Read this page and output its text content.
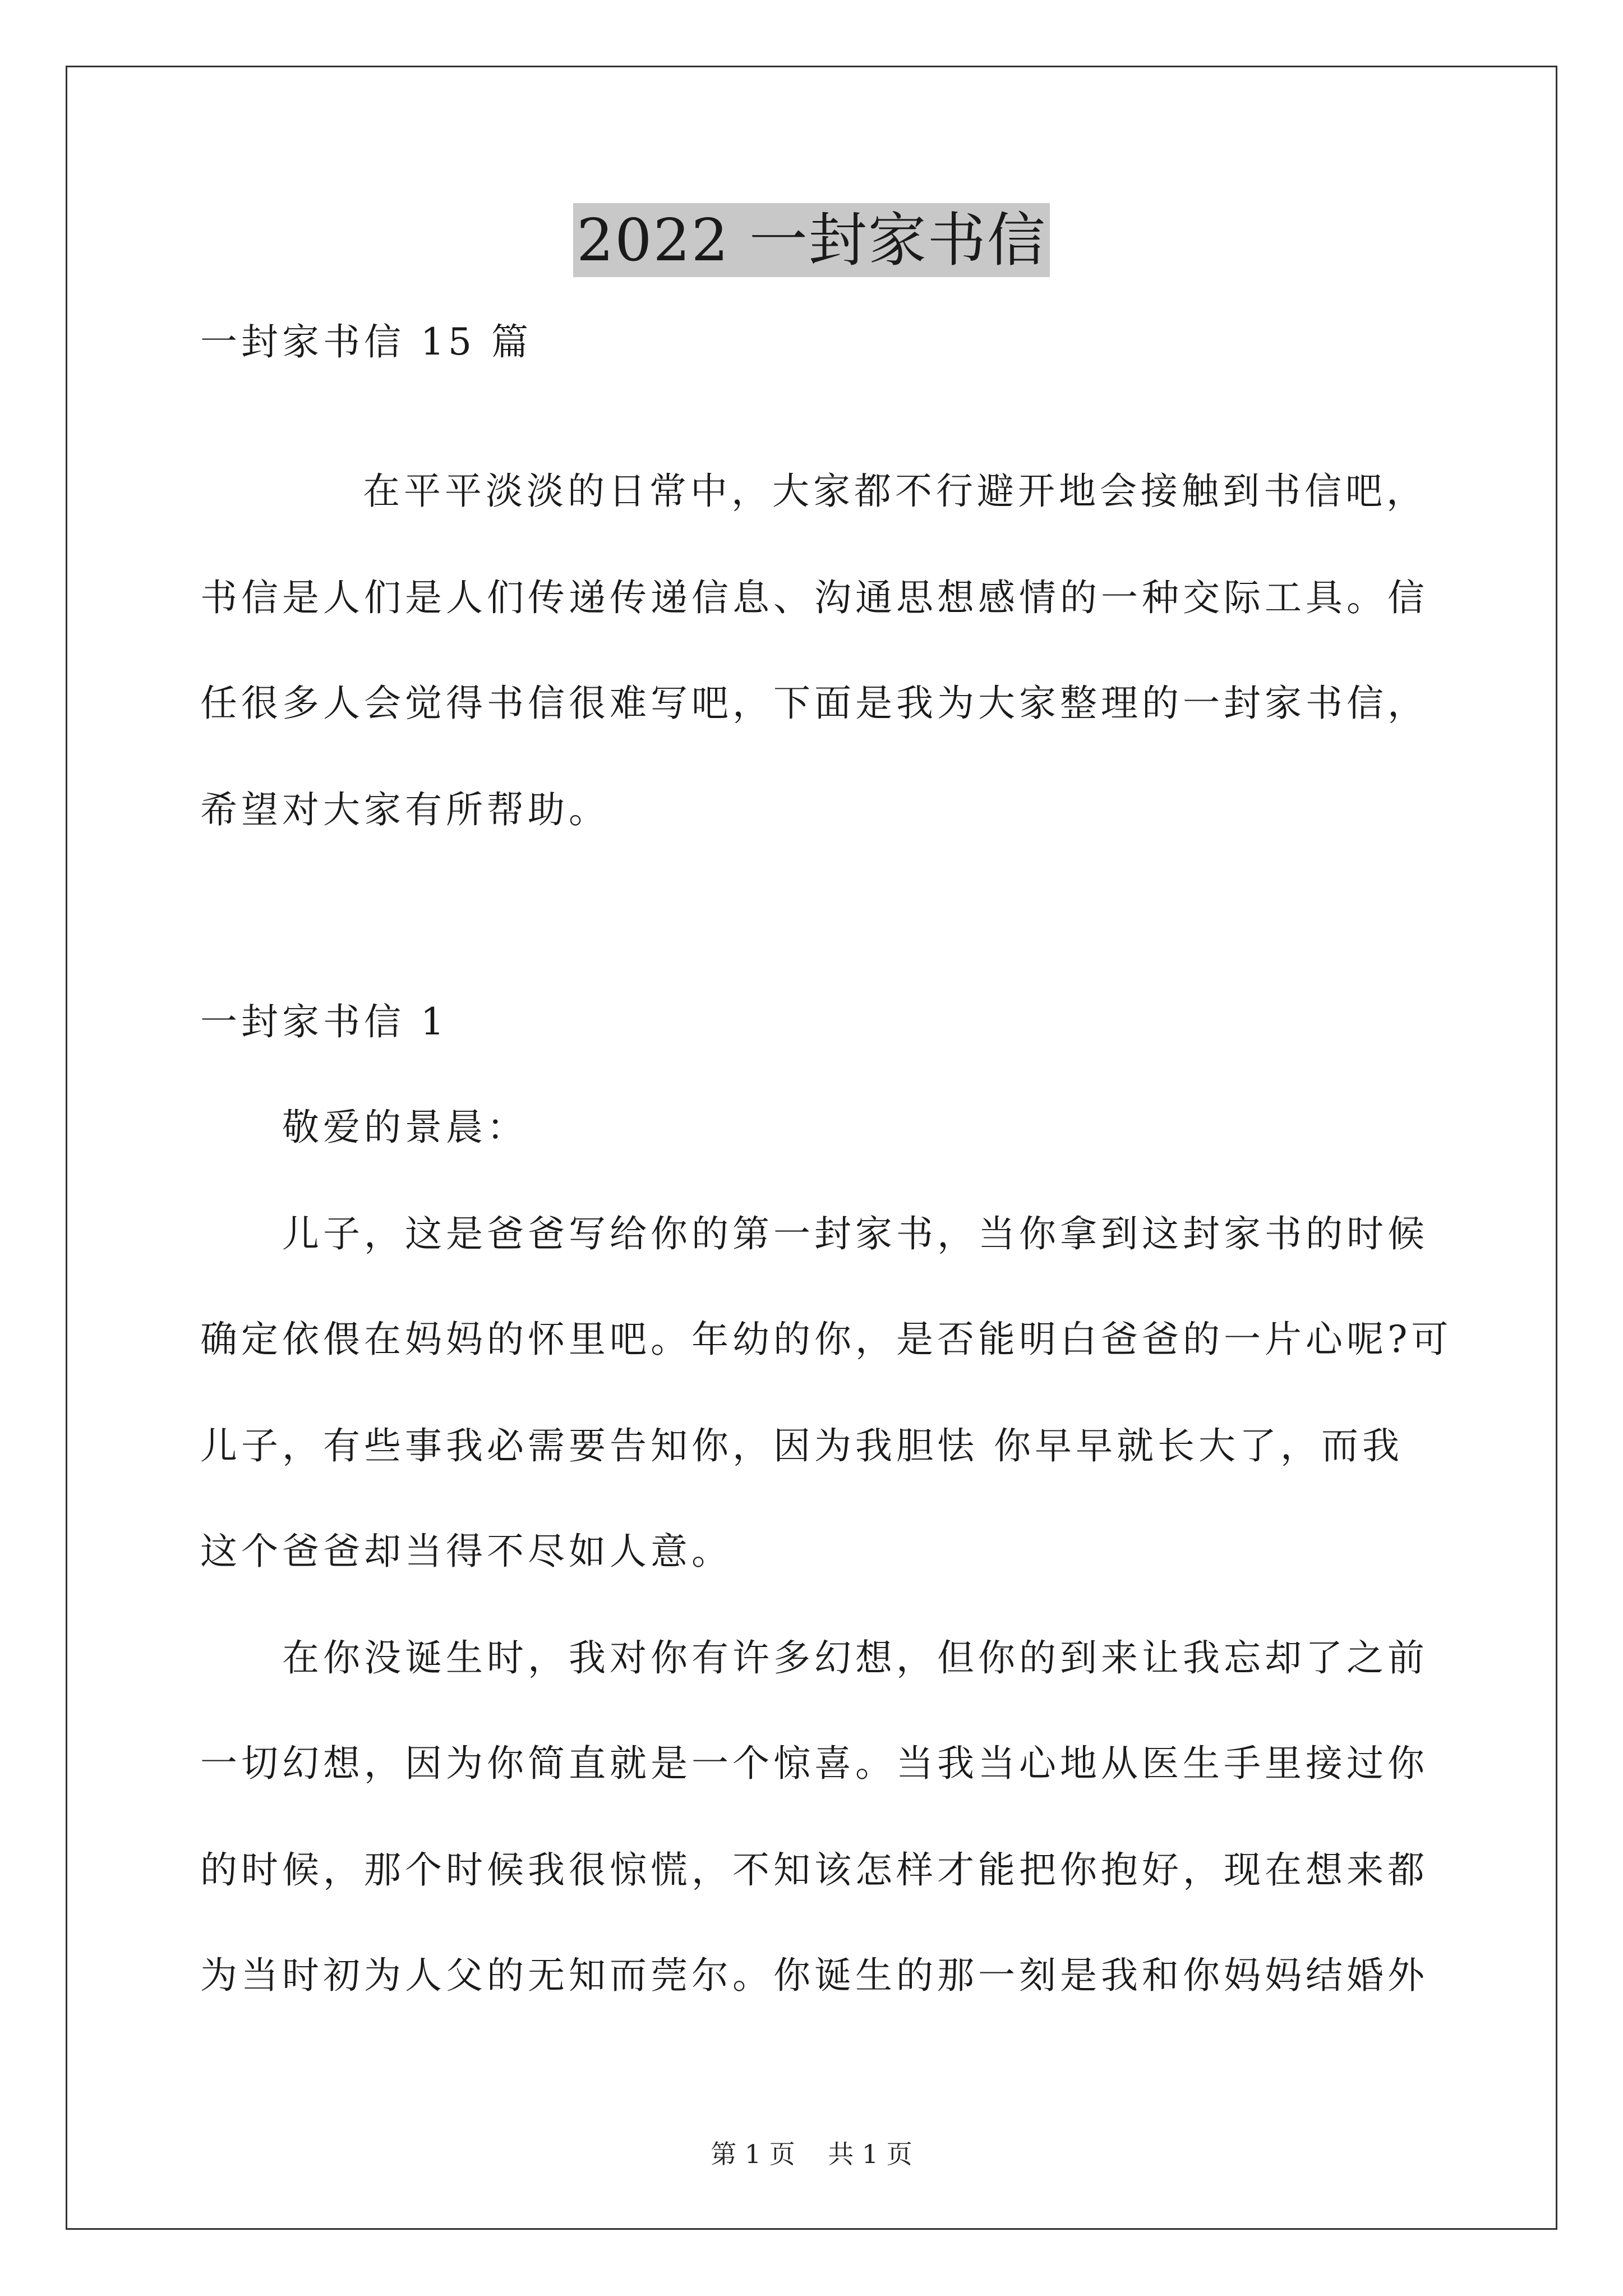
2022 一封家书信
一封家书信 15 篇
在平平淡淡的日常中，大家都不行避开地会接触到书信吧，
书信是人们是人们传递传递信息、沟通思想感情的一种交际工具。信
任很多人会觉得书信很难写吧，下面是我为大家整理的一封家书信，
希望对大家有所帮助。
一封家书信 1
敬爱的景晨：
儿子，这是爸爸写给你的第一封家书，当你拿到这封家书的时候
确定依偎在妈妈的怀里吧。年幼的你，是否能明白爸爸的一片心呢?可
儿子，有些事我必需要告知你，因为我胆怯 你早早就长大了，而我
这个爸爸却当得不尽如人意。
在你没诞生时，我对你有许多幻想，但你的到来让我忘却了之前
一切幻想，因为你简直就是一个惊喜。当我当心地从医生手里接过你
的时候，那个时候我很惊慌，不知该怎样才能把你抱好，现在想来都
为当时初为人父的无知而莞尔。你诞生的那一刻是我和你妈妈结婚外
第 1 页    共 1 页
